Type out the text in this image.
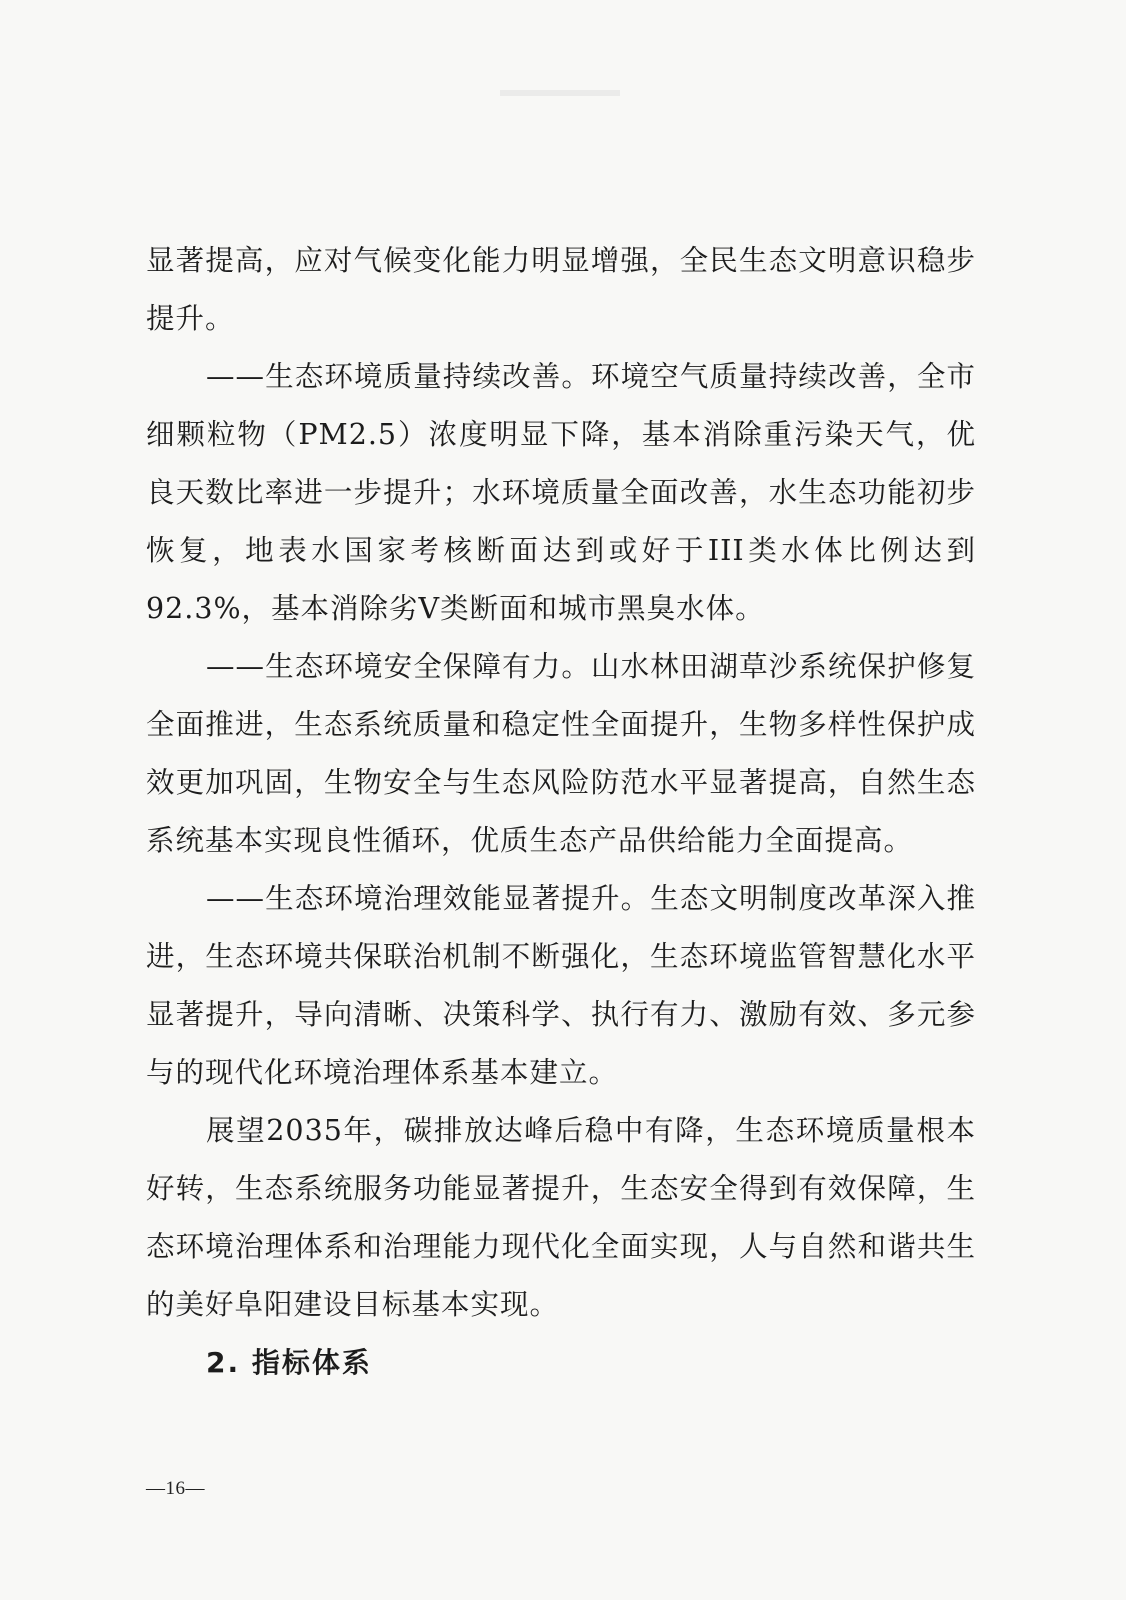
显著提高，应对气候变化能力明显增强，全民生态文明意识稳步提升。

——生态环境质量持续改善。环境空气质量持续改善，全市细颗粒物（PM2.5）浓度明显下降，基本消除重污染天气，优良天数比率进一步提升；水环境质量全面改善，水生态功能初步恢复，地表水国家考核断面达到或好于III类水体比例达到92.3%，基本消除劣V类断面和城市黑臭水体。

——生态环境安全保障有力。山水林田湖草沙系统保护修复全面推进，生态系统质量和稳定性全面提升，生物多样性保护成效更加巩固，生物安全与生态风险防范水平显著提高，自然生态系统基本实现良性循环，优质生态产品供给能力全面提高。

——生态环境治理效能显著提升。生态文明制度改革深入推进，生态环境共保联治机制不断强化，生态环境监管智慧化水平显著提升，导向清晰、决策科学、执行有力、激励有效、多元参与的现代化环境治理体系基本建立。

展望2035年，碳排放达峰后稳中有降，生态环境质量根本好转，生态系统服务功能显著提升，生态安全得到有效保障，生态环境治理体系和治理能力现代化全面实现，人与自然和谐共生的美好阜阳建设目标基本实现。

2. 指标体系

—16—
